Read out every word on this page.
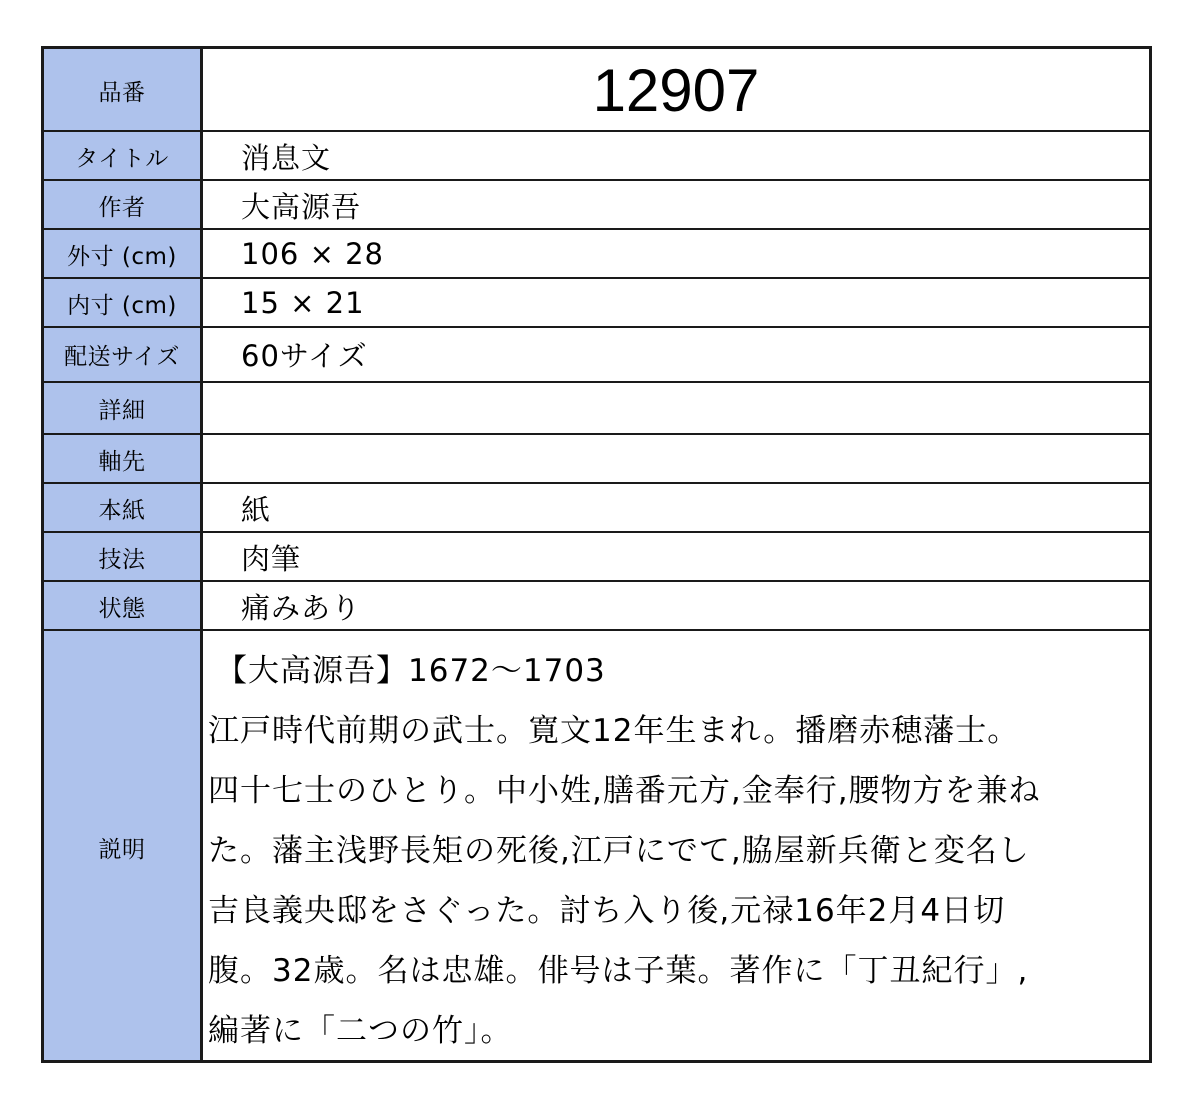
品番	12907
タイトル	消息文
作者	大高源吾
外寸 (cm)	106 × 28
内寸 (cm)	15 × 21
配送サイズ	60サイズ
詳細
軸先
本紙	紙
技法	肉筆
状態	痛みあり
説明
【大高源吾】1672～1703
江戸時代前期の武士。寛文12年生まれ。播磨赤穂藩士。
四十七士のひとり。中小姓,膳番元方,金奉行,腰物方を兼ね
た。藩主浅野長矩の死後,江戸にでて,脇屋新兵衛と変名し
吉良義央邸をさぐった。討ち入り後,元禄16年2月4日切
腹。32歳。名は忠雄。俳号は子葉。著作に「丁丑紀行」,
編著に「二つの竹」。
